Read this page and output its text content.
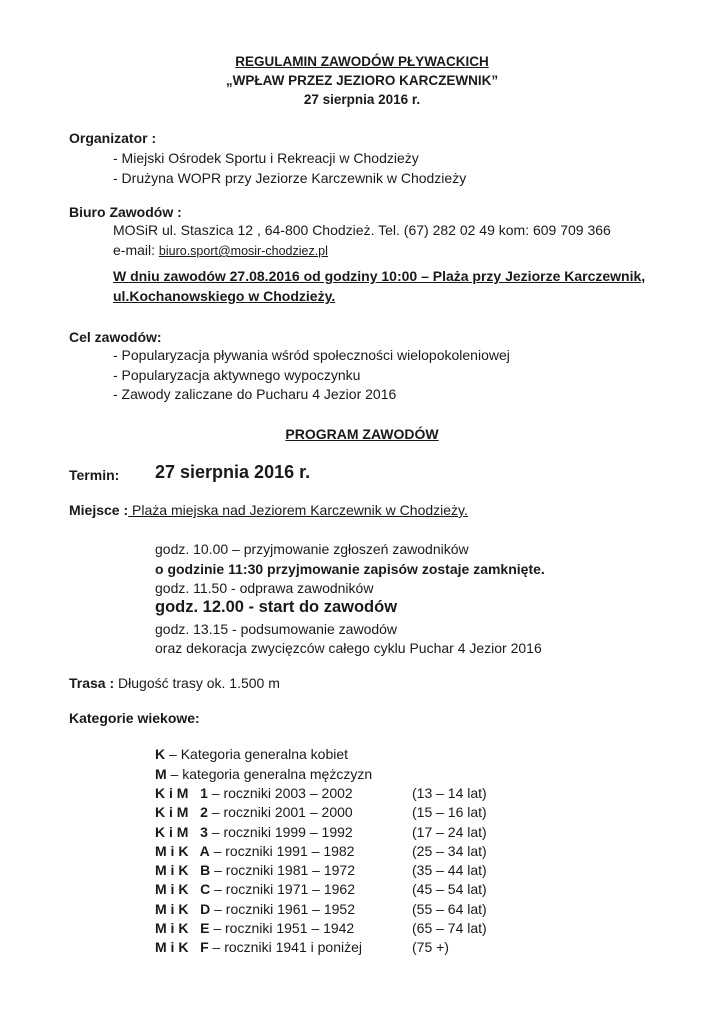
REGULAMIN ZAWODÓW PŁYWACKICH
„WPŁAW PRZEZ JEZIORO KARCZEWNIK”
27 sierpnia 2016 r.
Organizator :
- Miejski Ośrodek Sportu i Rekreacji w Chodzieży
- Drużyna WOPR przy Jeziorze Karczewnik w Chodzieży
Biuro Zawodów :
MOSiR ul. Staszica 12 , 64-800 Chodzież. Tel. (67) 282 02 49 kom: 609 709 366
e-mail: biuro.sport@mosir-chodziez.pl
W dniu zawodów 27.08.2016 od godziny 10:00 – Plaża przy Jeziorze Karczewnik,
ul.Kochanowskiego w Chodzieży.
Cel zawodów:
- Popularyzacja pływania wśród społeczności wielopokoleniowej
- Popularyzacja aktywnego wypoczynku
- Zawody zaliczane do Pucharu 4 Jezior 2016
PROGRAM ZAWODÓW
Termin: 27 sierpnia 2016 r.
Miejsce : Plaża miejska nad Jeziorem Karczewnik w Chodzieży.
godz. 10.00 – przyjmowanie zgłoszeń zawodników
o godzinie 11:30 przyjmowanie zapisów zostaje zamknięte.
godz. 11.50 - odprawa zawodników
godz. 12.00 - start do zawodów
godz. 13.15 - podsumowanie zawodów
oraz dekoracja zwycięzców całego cyklu Puchar 4 Jezior 2016
Trasa : Długość trasy ok. 1.500 m
Kategorie wiekowe:
K – Kategoria generalna kobiet
M – kategoria generalna mężczyzn
K i M   1 – roczniki 2003 – 2002	(13 – 14 lat)
K i M   2 – roczniki 2001 – 2000	(15 – 16 lat)
K i M   3 – roczniki 1999 – 1992	(17 – 24 lat)
M i K   A – roczniki 1991 – 1982	(25 – 34 lat)
M i K   B – roczniki 1981 – 1972	(35 – 44 lat)
M i K   C – roczniki 1971 – 1962	(45 – 54 lat)
M i K   D – roczniki 1961 – 1952	(55 – 64 lat)
M i K   E – roczniki 1951 – 1942	(65 – 74 lat)
M i K   F – roczniki 1941 i poniżej	(75 +)
